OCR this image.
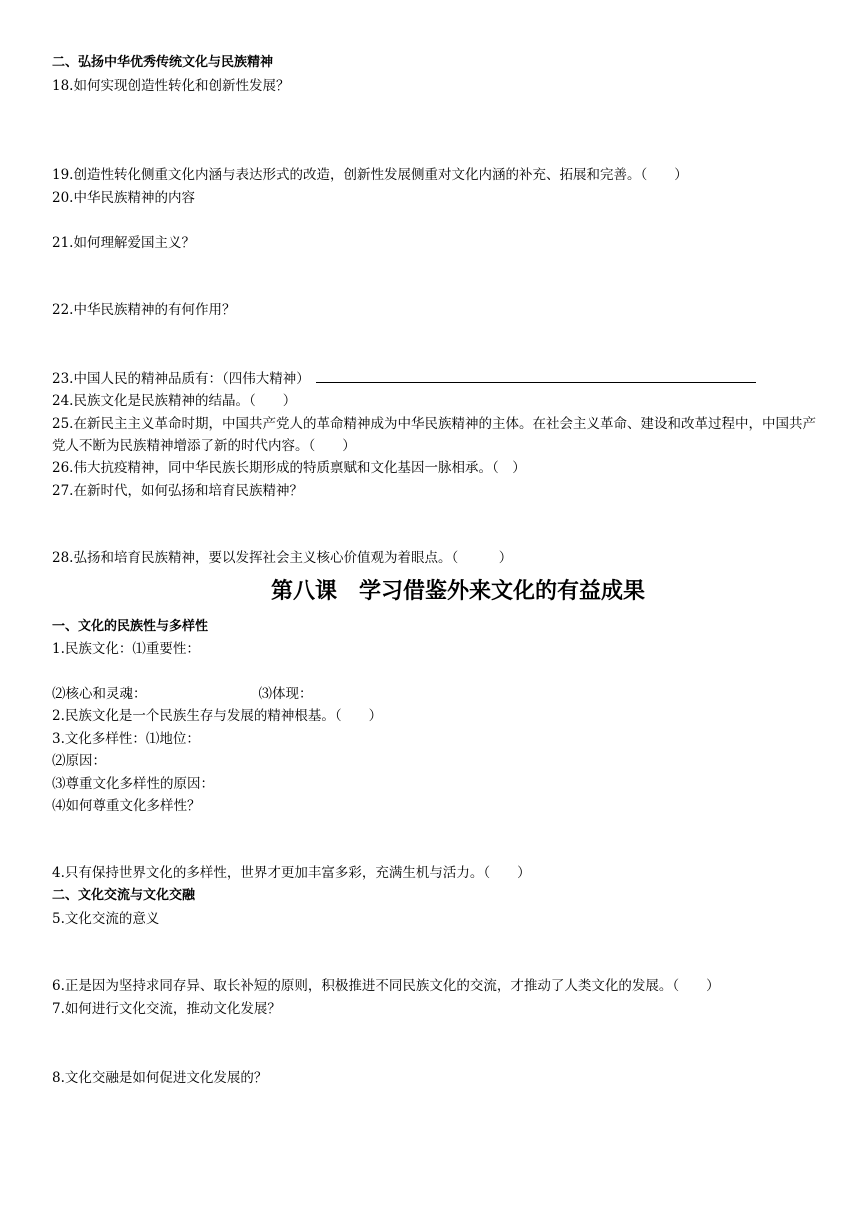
二、弘扬中华优秀传统文化与民族精神
18.如何实现创造性转化和创新性发展？
19.创造性转化侧重文化内涵与表达形式的改造，创新性发展侧重对文化内涵的补充、拓展和完善。（　　）
20.中华民族精神的内容
21.如何理解爱国主义？
22.中华民族精神的有何作用？
23.中国人民的精神品质有：（四伟大精神）
24.民族文化是民族精神的结晶。（　　）
25.在新民主主义革命时期，中国共产党人的革命精神成为中华民族精神的主体。在社会主义革命、建设和改革过程中，中国共产党人不断为民族精神增添了新的时代内容。（　　）
26.伟大抗疫精神，同中华民族长期形成的特质禀赋和文化基因一脉相承。（　）
27.在新时代，如何弘扬和培育民族精神？
28.弘扬和培育民族精神，要以发挥社会主义核心价值观为着眼点。（　　　）
第八课　学习借鉴外来文化的有益成果
一、文化的民族性与多样性
1.民族文化：⑴重要性：
⑵核心和灵魂：	⑶体现：
2.民族文化是一个民族生存与发展的精神根基。（　　）
3.文化多样性：⑴地位：
⑵原因：
⑶尊重文化多样性的原因：
⑷如何尊重文化多样性？
4.只有保持世界文化的多样性，世界才更加丰富多彩，充满生机与活力。（　　）
二、文化交流与文化交融
5.文化交流的意义
6.正是因为坚持求同存异、取长补短的原则，积极推进不同民族文化的交流，才推动了人类文化的发展。（　　）
7.如何进行文化交流，推动文化发展？
8.文化交融是如何促进文化发展的？
